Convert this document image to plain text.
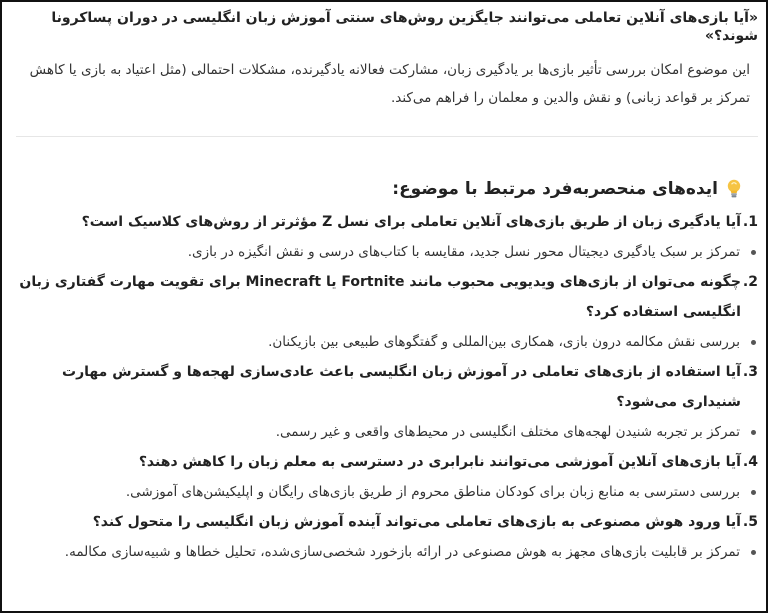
«آیا بازی‌های آنلاین تعاملی می‌توانند جایگزین روش‌های سنتی آموزش زبان انگلیسی در دوران پساکرونا شوند؟»

این موضوع امکان بررسی تأثیر بازی‌ها بر یادگیری زبان، مشارکت فعالانه یادگیرنده، مشکلات احتمالی (مثل اعتیاد به بازی یا کاهش تمرکز بر قواعد زبانی) و نقش والدین و معلمان را فراهم می‌کند.

ایده‌های منحصربه‌فرد مرتبط با موضوع:
1.
آیا یادگیری زبان از طریق بازی‌های آنلاین تعاملی برای نسل Z مؤثرتر از روش‌های کلاسیک است؟
تمرکز بر سبک یادگیری دیجیتال محور نسل جدید، مقایسه با کتاب‌های درسی و نقش انگیزه در بازی.
2.
چگونه می‌توان از بازی‌های ویدیویی محبوب مانند Fortnite یا Minecraft برای تقویت مهارت گفتاری زبان انگلیسی استفاده کرد؟
بررسی نقش مکالمه درون بازی، همکاری بین‌المللی و گفتگوهای طبیعی بین بازیکنان.
3.
آیا استفاده از بازی‌های تعاملی در آموزش زبان انگلیسی باعث عادی‌سازی لهجه‌ها و گسترش مهارت شنیداری می‌شود؟
تمرکز بر تجربه شنیدن لهجه‌های مختلف انگلیسی در محیط‌های واقعی و غیر رسمی.
4.
آیا بازی‌های آنلاین آموزشی می‌توانند نابرابری در دسترسی به معلم زبان را کاهش دهند؟
بررسی دسترسی به منابع زبان برای کودکان مناطق محروم از طریق بازی‌های رایگان و اپلیکیشن‌های آموزشی.
5.
آیا ورود هوش مصنوعی به بازی‌های تعاملی می‌تواند آینده آموزش زبان انگلیسی را متحول کند؟
تمرکز بر قابلیت بازی‌های مجهز به هوش مصنوعی در ارائه بازخورد شخصی‌سازی‌شده، تحلیل خطاها و شبیه‌سازی مکالمه.
